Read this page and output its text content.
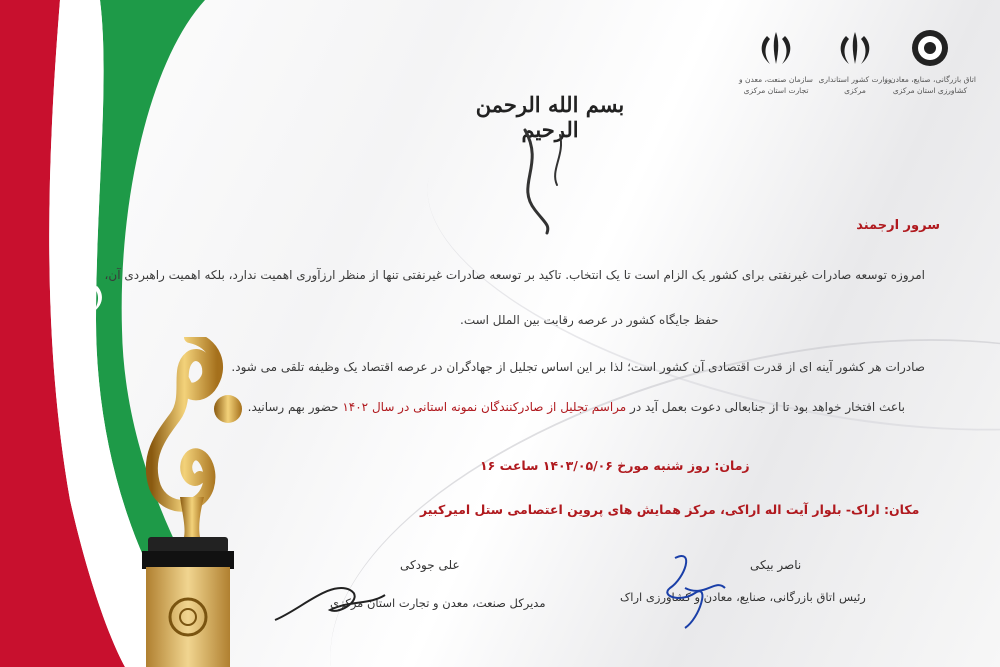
اتاق بازرگانی، صنایع، معادن و کشاورزی استان مرکزی
وزارت کشور استانداری مرکزی
سازمان صنعت، معدن و تجارت استان مرکزی
بسم الله الرحمن الرحیم
سرور ارجمند
امروزه توسعه صادرات غیرنفتی برای کشور یک الزام است تا یک انتخاب. تاکید بر توسعه صادرات غیرنفتی تنها از منظر ارزآوری اهمیت ندارد، بلکه اهمیت راهبردی آن،
حفظ جایگاه کشور در عرصه رقابت بین الملل است.
صادرات هر کشور آینه ای از قدرت اقتصادی آن کشور است؛ لذا بر این اساس تجلیل از جهادگران در عرصه اقتصاد یک وظیفه تلقی می شود.
باعث افتخار خواهد بود تا از جنابعالی دعوت بعمل آید در مراسم تجلیل از صادرکنندگان نمونه استانی در سال ۱۴۰۲ حضور بهم رسانید.
زمان: روز شنبه مورخ ۱۴۰۳/۰۵/۰۶ ساعت ۱۶
مکان: اراک- بلوار آیت اله اراکی، مرکز همایش های پروین اعتصامی ستل امیرکبیر
ناصر بیکی
رئیس اتاق بازرگانی، صنایع، معادن و کشاورزی اراک
علی جودکی
مدیرکل صنعت، معدن و تجارت استان مرکزی
